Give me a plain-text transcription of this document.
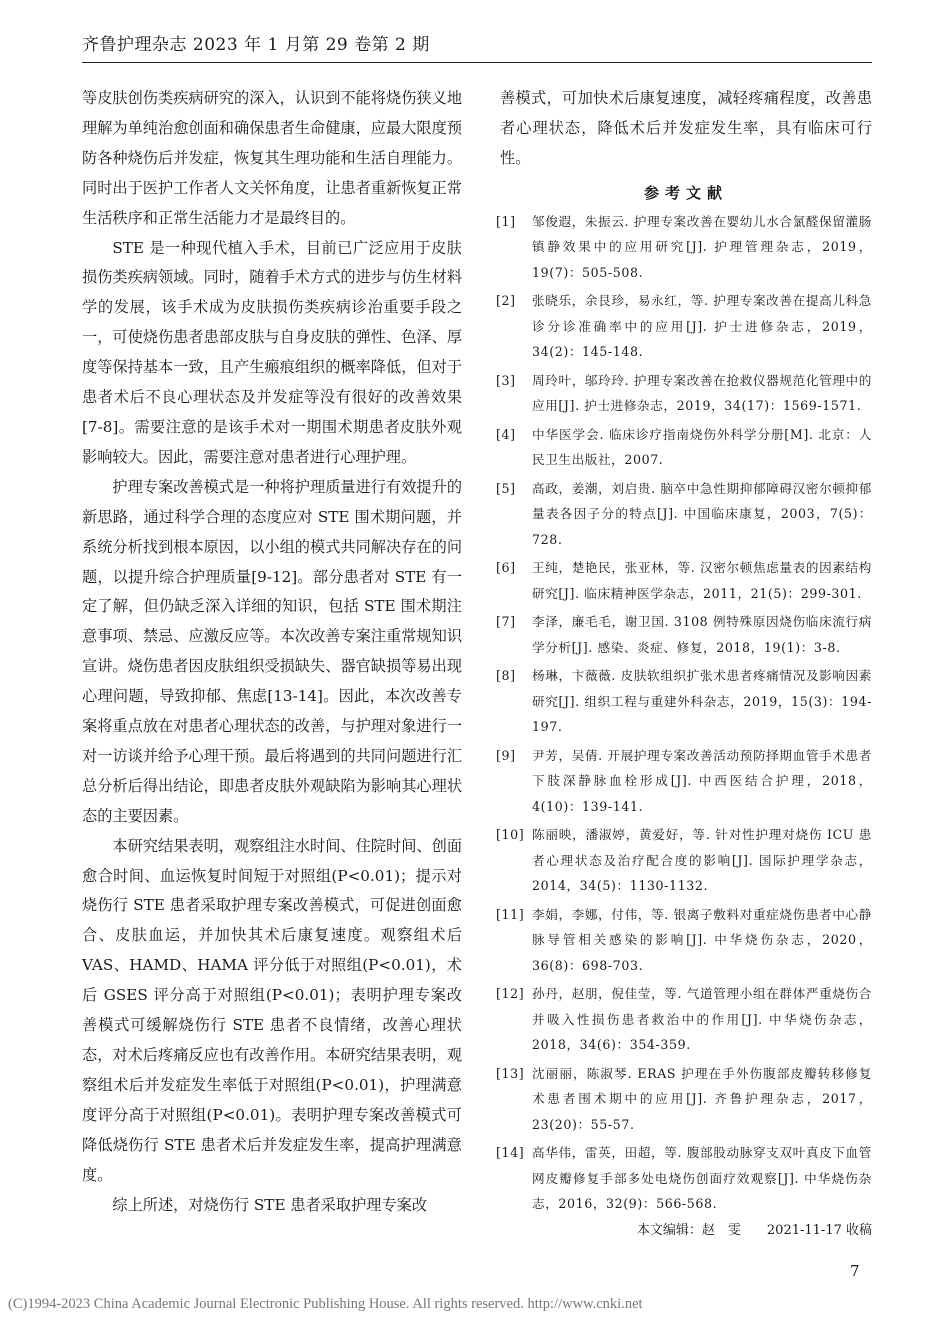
齐鲁护理杂志 2023 年 1 月第 29 卷第 2 期

等皮肤创伤类疾病研究的深入，认识到不能将烧伤狭义地理解为单纯治愈创面和确保患者生命健康，应最大限度预防各种烧伤后并发症，恢复其生理功能和生活自理能力。同时出于医护工作者人文关怀角度，让患者重新恢复正常生活秩序和正常生活能力才是最终目的。

STE 是一种现代植入手术，目前已广泛应用于皮肤损伤类疾病领域。同时，随着手术方式的进步与仿生材料学的发展，该手术成为皮肤损伤类疾病诊治重要手段之一，可使烧伤患者患部皮肤与自身皮肤的弹性、色泽、厚度等保持基本一致，且产生瘢痕组织的概率降低，但对于患者术后不良心理状态及并发症等没有很好的改善效果[7-8]。需要注意的是该手术对一期围术期患者皮肤外观影响较大。因此，需要注意对患者进行心理护理。

护理专案改善模式是一种将护理质量进行有效提升的新思路，通过科学合理的态度应对 STE 围术期问题，并系统分析找到根本原因，以小组的模式共同解决存在的问题，以提升综合护理质量[9-12]。部分患者对 STE 有一定了解，但仍缺乏深入详细的知识，包括 STE 围术期注意事项、禁忌、应激反应等。本次改善专案注重常规知识宣讲。烧伤患者因皮肤组织受损缺失、器官缺损等易出现心理问题，导致抑郁、焦虑[13-14]。因此，本次改善专案将重点放在对患者心理状态的改善，与护理对象进行一对一访谈并给予心理干预。最后将遇到的共同问题进行汇总分析后得出结论，即患者皮肤外观缺陷为影响其心理状态的主要因素。

本研究结果表明，观察组注水时间、住院时间、创面愈合时间、血运恢复时间短于对照组(P<0.01)；提示对烧伤行 STE 患者采取护理专案改善模式，可促进创面愈合、皮肤血运，并加快其术后康复速度。观察组术后 VAS、HAMD、HAMA 评分低于对照组(P<0.01)，术后 GSES 评分高于对照组(P<0.01)；表明护理专案改善模式可缓解烧伤行 STE 患者不良情绪，改善心理状态，对术后疼痛反应也有改善作用。本研究结果表明，观察组术后并发症发生率低于对照组(P<0.01)，护理满意度评分高于对照组(P<0.01)。表明护理专案改善模式可降低烧伤行 STE 患者术后并发症发生率，提高护理满意度。

综上所述，对烧伤行 STE 患者采取护理专案改

善模式，可加快术后康复速度，减轻疼痛程度，改善患者心理状态，降低术后并发症发生率，具有临床可行性。

参考文献
[1] 邹俊遐，朱振云. 护理专案改善在婴幼儿水合氯醛保留灌肠镇静效果中的应用研究[J]. 护理管理杂志，2019，19(7)：505-508.
[2] 张晓乐，余艮珍，易永红，等. 护理专案改善在提高儿科急诊分诊准确率中的应用[J]. 护士进修杂志，2019，34(2)：145-148.
[3] 周玲叶，邬玲玲. 护理专案改善在抢救仪器规范化管理中的应用[J]. 护士进修杂志，2019，34(17)：1569-1571.
[4] 中华医学会. 临床诊疗指南烧伤外科学分册[M]. 北京：人民卫生出版社，2007.
[5] 高政，姜潮，刘启贵. 脑卒中急性期抑郁障碍汉密尔顿抑郁量表各因子分的特点[J]. 中国临床康复，2003，7(5)：728.
[6] 王纯，楚艳民，张亚林，等. 汉密尔顿焦虑量表的因素结构研究[J]. 临床精神医学杂志，2011，21(5)：299-301.
[7] 李泽，廉毛毛，谢卫国. 3108 例特殊原因烧伤临床流行病学分析[J]. 感染、炎症、修复，2018，19(1)：3-8.
[8] 杨琳，卞薇薇. 皮肤软组织扩张术患者疼痛情况及影响因素研究[J]. 组织工程与重建外科杂志，2019，15(3)：194-197.
[9] 尹芳，吴倩. 开展护理专案改善活动预防择期血管手术患者下肢深静脉血栓形成[J]. 中西医结合护理，2018，4(10)：139-141.
[10] 陈丽映，潘淑婷，黄爱好，等. 针对性护理对烧伤 ICU 患者心理状态及治疗配合度的影响[J]. 国际护理学杂志，2014，34(5)：1130-1132.
[11] 李娟，李娜，付伟，等. 银离子敷料对重症烧伤患者中心静脉导管相关感染的影响[J]. 中华烧伤杂志，2020，36(8)：698-703.
[12] 孙丹，赵朋，倪佳莹，等. 气道管理小组在群体严重烧伤合并吸入性损伤患者救治中的作用[J]. 中华烧伤杂志，2018，34(6)：354-359.
[13] 沈丽丽，陈淑琴. ERAS 护理在手外伤腹部皮瓣转移修复术患者围术期中的应用[J]. 齐鲁护理杂志，2017，23(20)：55-57.
[14] 高华伟，雷英，田超，等. 腹部股动脉穿支双叶真皮下血管网皮瓣修复手部多处电烧伤创面疗效观察[J]. 中华烧伤杂志，2016，32(9)：566-568.
本文编辑：赵　雯 2021-11-17 收稿
7
(C)1994-2023 China Academic Journal Electronic Publishing House. All rights reserved. http://www.cnki.net
